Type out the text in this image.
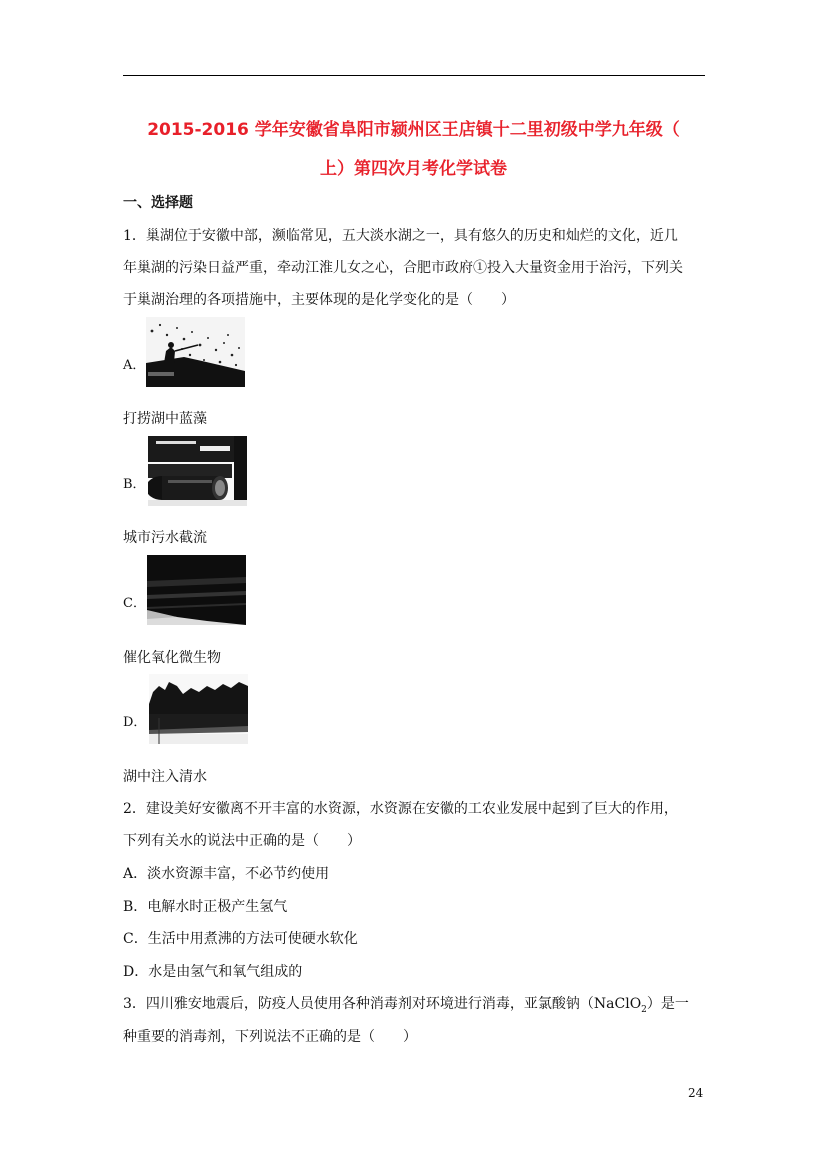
2015-2016 学年安徽省阜阳市颍州区王店镇十二里初级中学九年级（
上）第四次月考化学试卷
一、选择题
1．巢湖位于安徽中部，濒临常见，五大淡水湖之一，具有悠久的历史和灿烂的文化，近几
年巢湖的污染日益严重，牵动江淮儿女之心，合肥市政府①投入大量资金用于治污，下列关
于巢湖治理的各项措施中，主要体现的是化学变化的是（　　）
A．
打捞湖中蓝藻
B．
城市污水截流
C．
催化氧化微生物
D．
湖中注入清水
2．建设美好安徽离不开丰富的水资源，水资源在安徽的工农业发展中起到了巨大的作用，
下列有关水的说法中正确的是（　　）
A．淡水资源丰富，不必节约使用
B．电解水时正极产生氢气
C．生活中用煮沸的方法可使硬水软化
D．水是由氢气和氧气组成的
3．四川雅安地震后，防疫人员使用各种消毒剂对环境进行消毒，亚氯酸钠（NaClO$_2$）是一
种重要的消毒剂，下列说法不正确的是（　　）
24
